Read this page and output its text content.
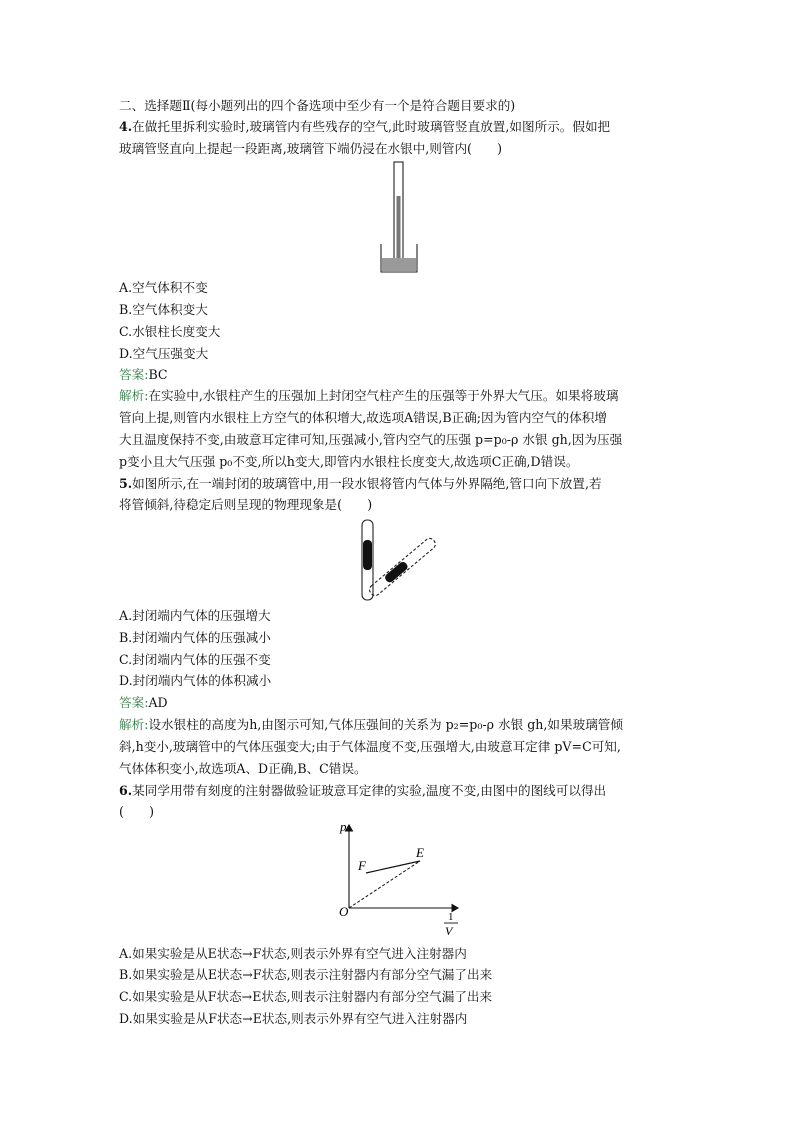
二、选择题Ⅱ(每小题列出的四个备选项中至少有一个是符合题目要求的)
4.在做托里拆利实验时,玻璃管内有些残存的空气,此时玻璃管竖直放置,如图所示。假如把
玻璃管竖直向上提起一段距离,玻璃管下端仍浸在水银中,则管内(　　)
A.空气体积不变
B.空气体积变大
C.水银柱长度变大
D.空气压强变大
答案:BC
解析:在实验中,水银柱产生的压强加上封闭空气柱产生的压强等于外界大气压。如果将玻璃
管向上提,则管内水银柱上方空气的体积增大,故选项A错误,B正确;因为管内空气的体积增
大且温度保持不变,由玻意耳定律可知,压强减小,管内空气的压强 p=p₀-ρ 水银 gh,因为压强
p变小且大气压强 p₀不变,所以h变大,即管内水银柱长度变大,故选项C正确,D错误。
5.如图所示,在一端封闭的玻璃管中,用一段水银将管内气体与外界隔绝,管口向下放置,若
将管倾斜,待稳定后则呈现的物理现象是(　　)
A.封闭端内气体的压强增大
B.封闭端内气体的压强减小
C.封闭端内气体的压强不变
D.封闭端内气体的体积减小
答案:AD
解析:设水银柱的高度为h,由图示可知,气体压强间的关系为 p₂=p₀-ρ 水银 gh,如果玻璃管倾
斜,h变小,玻璃管中的气体压强变大;由于气体温度不变,压强增大,由玻意耳定律 pV=C可知,
气体体积变小,故选项A、D正确,B、C错误。
6.某同学用带有刻度的注射器做验证玻意耳定律的实验,温度不变,由图中的图线可以得出
(　　)
p
O	1
V
E
F
A.如果实验是从E状态→F状态,则表示外界有空气进入注射器内
B.如果实验是从E状态→F状态,则表示注射器内有部分空气漏了出来
C.如果实验是从F状态→E状态,则表示注射器内有部分空气漏了出来
D.如果实验是从F状态→E状态,则表示外界有空气进入注射器内
